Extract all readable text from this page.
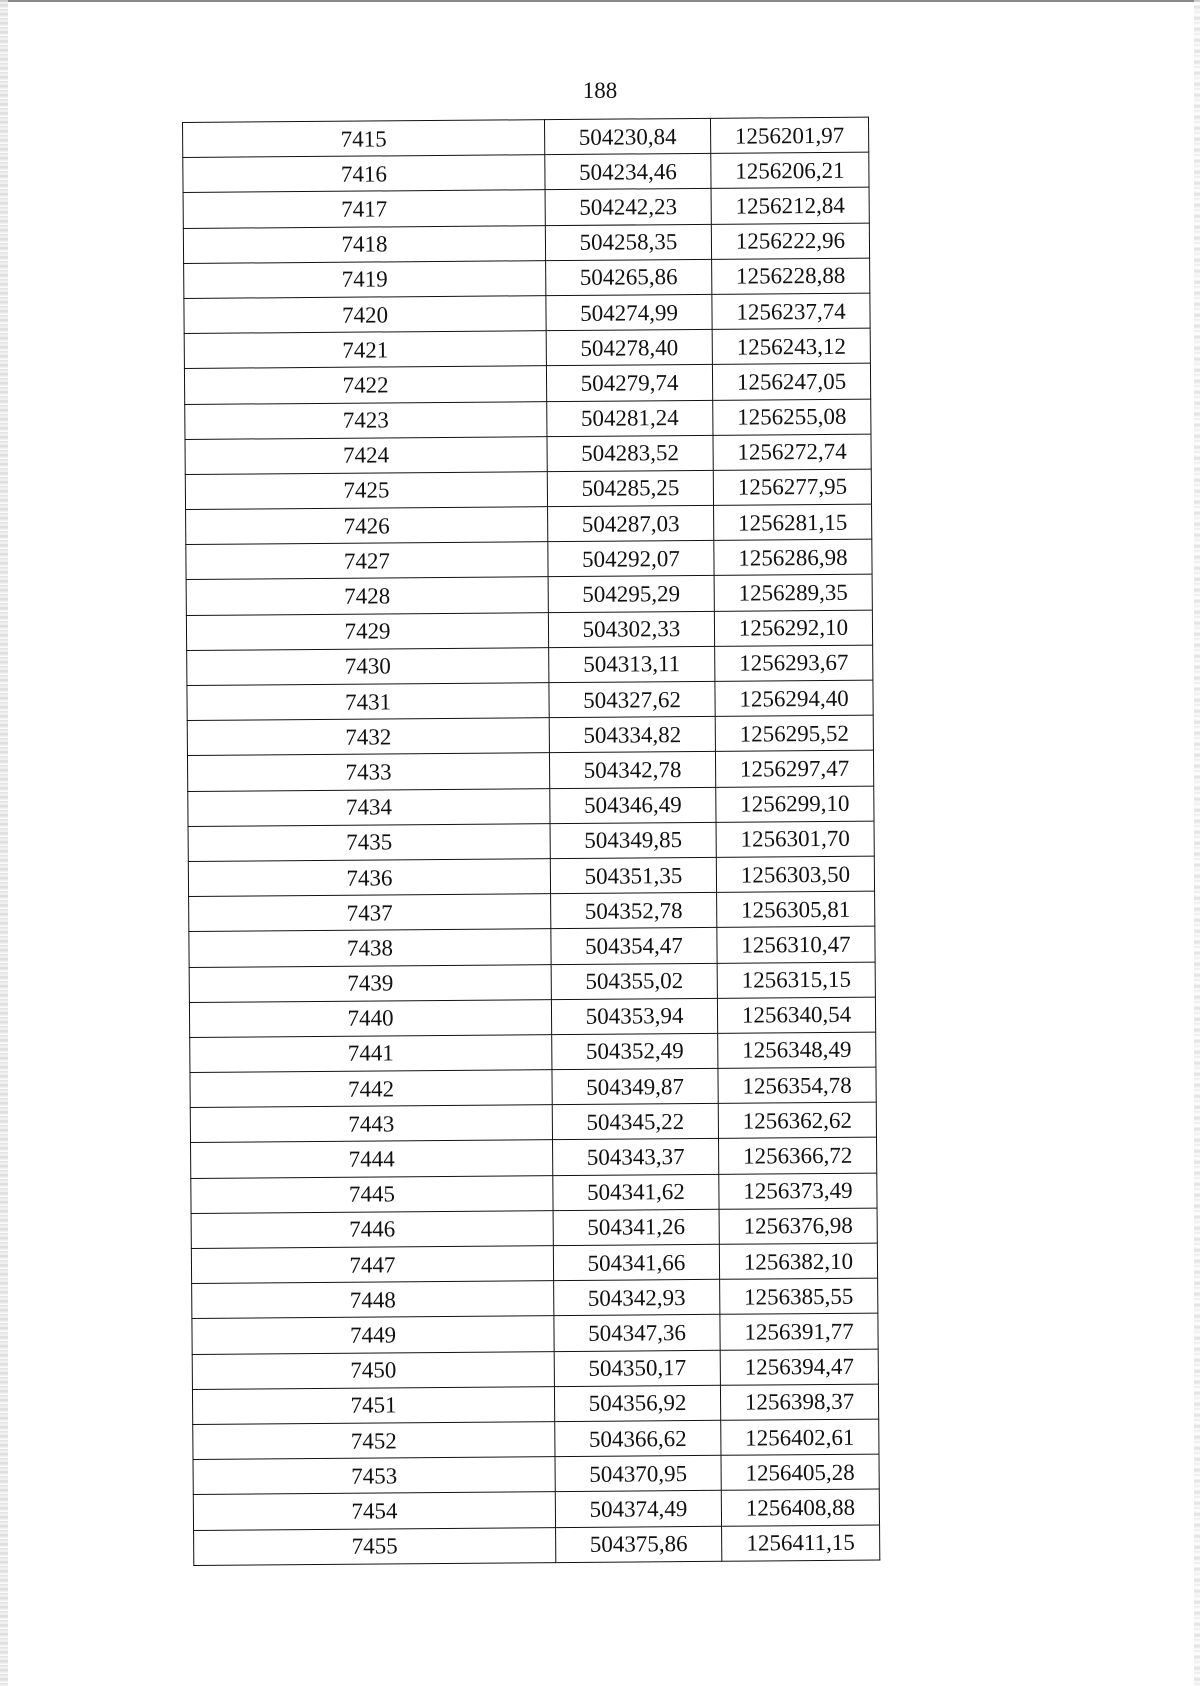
188
7415	504230,84	1256201,97
7416	504234,46	1256206,21
7417	504242,23	1256212,84
7418	504258,35	1256222,96
7419	504265,86	1256228,88
7420	504274,99	1256237,74
7421	504278,40	1256243,12
7422	504279,74	1256247,05
7423	504281,24	1256255,08
7424	504283,52	1256272,74
7425	504285,25	1256277,95
7426	504287,03	1256281,15
7427	504292,07	1256286,98
7428	504295,29	1256289,35
7429	504302,33	1256292,10
7430	504313,11	1256293,67
7431	504327,62	1256294,40
7432	504334,82	1256295,52
7433	504342,78	1256297,47
7434	504346,49	1256299,10
7435	504349,85	1256301,70
7436	504351,35	1256303,50
7437	504352,78	1256305,81
7438	504354,47	1256310,47
7439	504355,02	1256315,15
7440	504353,94	1256340,54
7441	504352,49	1256348,49
7442	504349,87	1256354,78
7443	504345,22	1256362,62
7444	504343,37	1256366,72
7445	504341,62	1256373,49
7446	504341,26	1256376,98
7447	504341,66	1256382,10
7448	504342,93	1256385,55
7449	504347,36	1256391,77
7450	504350,17	1256394,47
7451	504356,92	1256398,37
7452	504366,62	1256402,61
7453	504370,95	1256405,28
7454	504374,49	1256408,88
7455	504375,86	1256411,15
